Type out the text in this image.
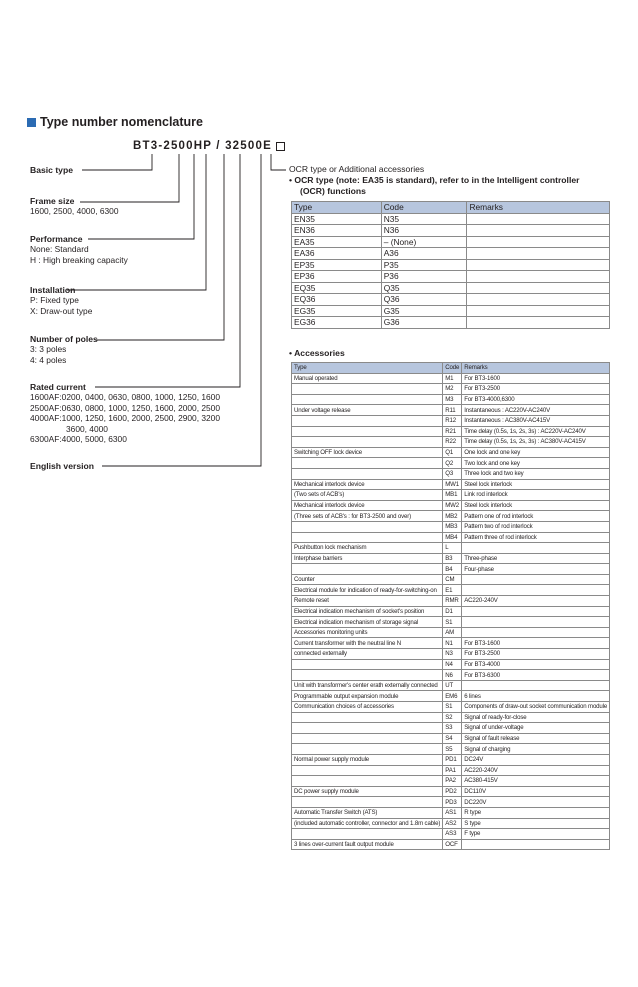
Type number nomenclature
BT3-2500HP / 32500E
Basic type
Frame size
1600, 2500, 4000, 6300
Performance
None: Standard
H : High breaking capacity
Installation
P: Fixed type
X: Draw-out type
Number of poles
3: 3 poles
4: 4 poles
Rated current
1600AF:0200, 0400, 0630, 0800, 1000, 1250, 1600
2500AF:0630, 0800, 1000, 1250, 1600, 2000, 2500
4000AF:1000, 1250, 1600, 2000, 2500, 2900, 3200
3600, 4000
6300AF:4000, 5000, 6300
English version
OCR type or Additional accessories
• OCR type (note: EA35 is standard), refer to in the Intelligent controller
(OCR) functions
Type	Code	Remarks
EN35	N35	
EN36	N36	
EA35	– (None)	
EA36	A36	
EP35	P35	
EP36	P36	
EQ35	Q35	
EQ36	Q36	
EG35	G35	
EG36	G36	
• Accessories
Type	Code	Remarks
Manual operated	M1	For BT3-1600
	M2	For BT3-2500
	M3	For BT3-4000,6300
Under voltage release	R11	Instantaneous : AC220V-AC240V
	R12	Instantaneous : AC380V-AC415V
	R21	Time delay (0.5s, 1s, 2s, 3s) : AC220V-AC240V
	R22	Time delay (0.5s, 1s, 2s, 3s) : AC380V-AC415V
Switching OFF lock device	Q1	One lock and one key
	Q2	Two lock and one key
	Q3	Three lock and two key
Mechanical interlock device	MW1	Steel lock interlock
(Two sets of ACB's)	MB1	Link rod interlock
Mechanical interlock device	MW2	Steel lock interlock
(Three sets of ACB's : for BT3-2500 and over)	MB2	Pattern one of rod interlock
	MB3	Pattern two of rod interlock
	MB4	Pattern three of rod interlock
Pushbutton lock mechanism	L	
Interphase barriers	B3	Three-phase
	B4	Four-phase
Counter	CM	
Electrical module for indication of ready-for-switching-on	E1	
Remote reset	RMR	AC220-240V
Electrical indication mechanism of socket's position	D1	
Electrical indication mechanism of storage signal	S1	
Accessories monitoring units	AM	
Current transformer with the neutral line N	N1	For BT3-1600
connected externally	N3	For BT3-2500
	N4	For BT3-4000
	N6	For BT3-6300
Unit with transformer's center erath externally connected	UT	
Programmable output expansion module	EM6	6 lines
Communication choices of accessories	S1	Components of draw-out socket communication module
	S2	Signal of ready-for-close
	S3	Signal of under-voltage
	S4	Signal of fault release
	S5	Signal of charging
Normal power supply module	PD1	DC24V
	PA1	AC220-240V
	PA2	AC380-415V
DC power supply module	PD2	DC110V
	PD3	DC220V
Automatic Transfer Switch (ATS)	AS1	R type
(included automatic controller, connector and 1.8m cable)	AS2	S type
	AS3	F type
3 lines over-current fault output module	OCF	
